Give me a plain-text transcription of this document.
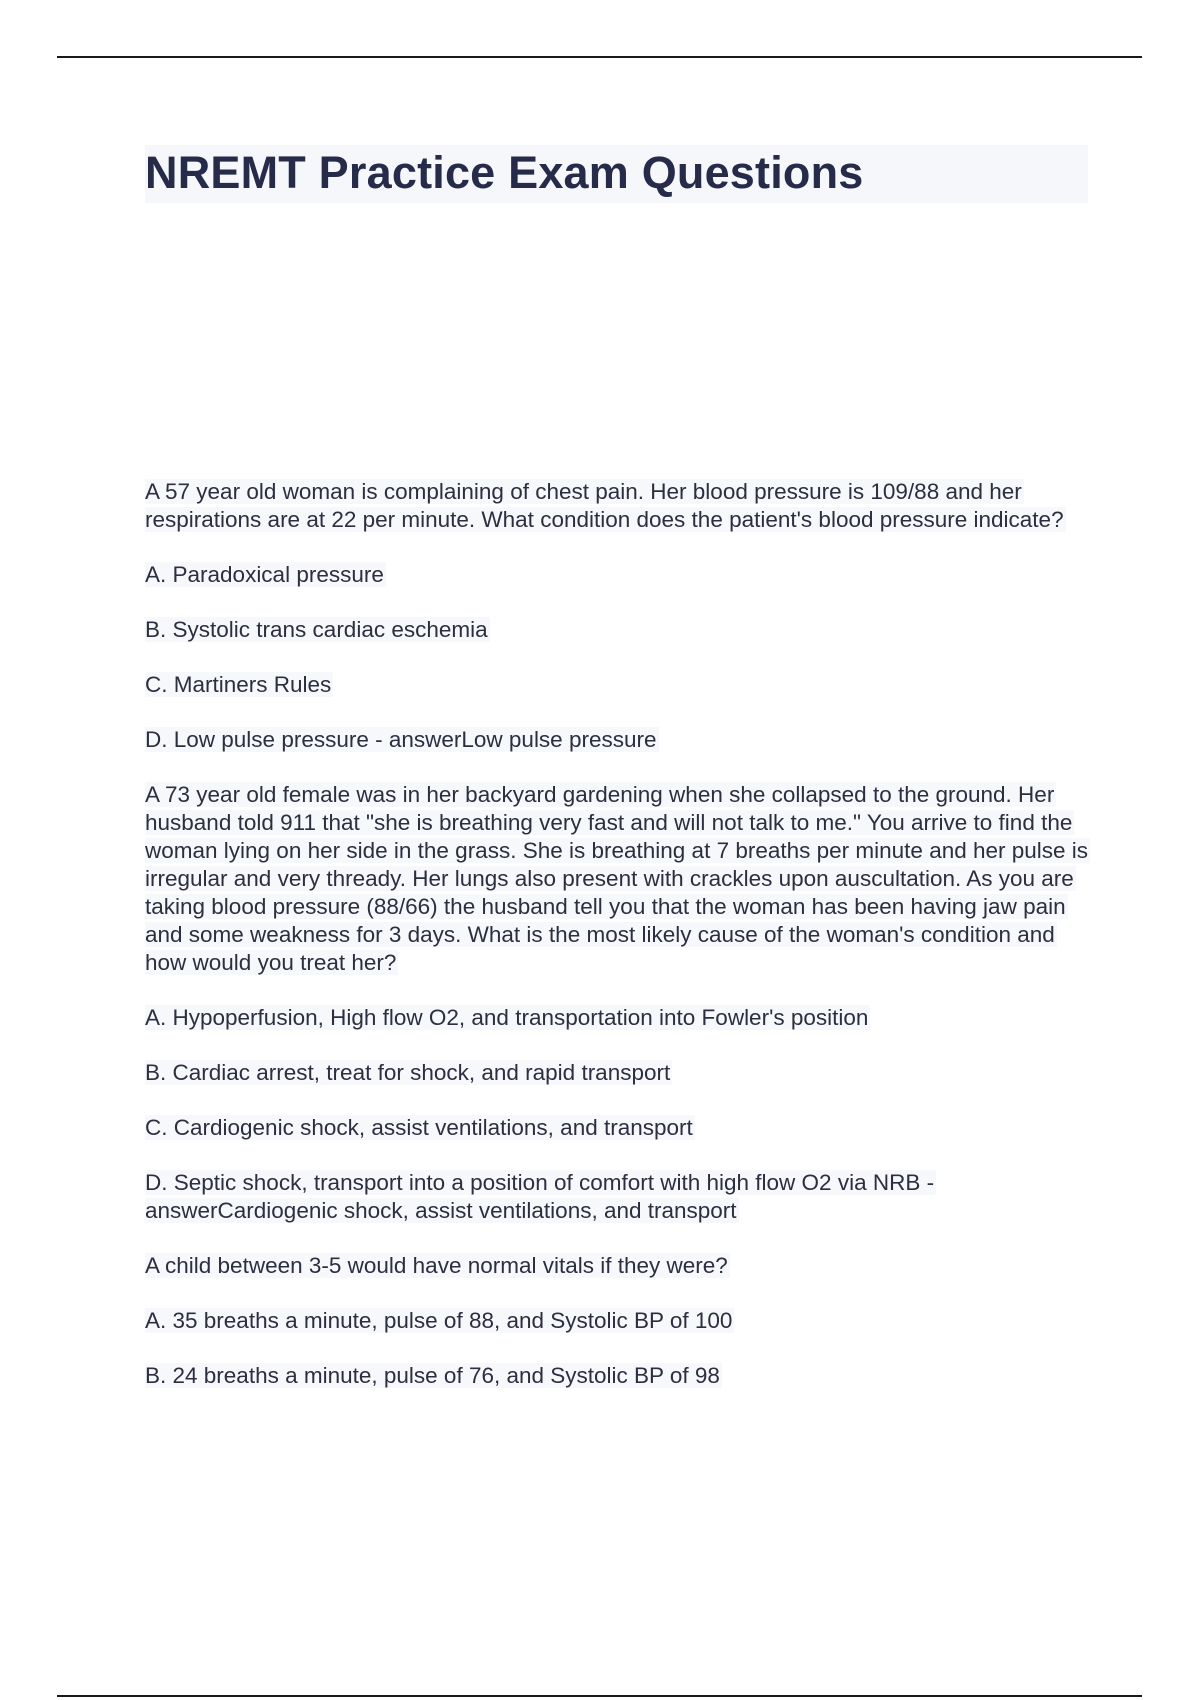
NREMT Practice Exam Questions

A 57 year old woman is complaining of chest pain. Her blood pressure is 109/88 and her respirations are at 22 per minute. What condition does the patient's blood pressure indicate?

A. Paradoxical pressure

B. Systolic trans cardiac eschemia

C. Martiners Rules

D. Low pulse pressure - answerLow pulse pressure

A 73 year old female was in her backyard gardening when she collapsed to the ground. Her husband told 911 that "she is breathing very fast and will not talk to me." You arrive to find the woman lying on her side in the grass. She is breathing at 7 breaths per minute and her pulse is irregular and very thready. Her lungs also present with crackles upon auscultation. As you are taking blood pressure (88/66) the husband tell you that the woman has been having jaw pain and some weakness for 3 days. What is the most likely cause of the woman's condition and how would you treat her?

A. Hypoperfusion, High flow O2, and transportation into Fowler's position

B. Cardiac arrest, treat for shock, and rapid transport

C. Cardiogenic shock, assist ventilations, and transport

D. Septic shock, transport into a position of comfort with high flow O2 via NRB - answerCardiogenic shock, assist ventilations, and transport

A child between 3-5 would have normal vitals if they were?

A. 35 breaths a minute, pulse of 88, and Systolic BP of 100

B. 24 breaths a minute, pulse of 76, and Systolic BP of 98
